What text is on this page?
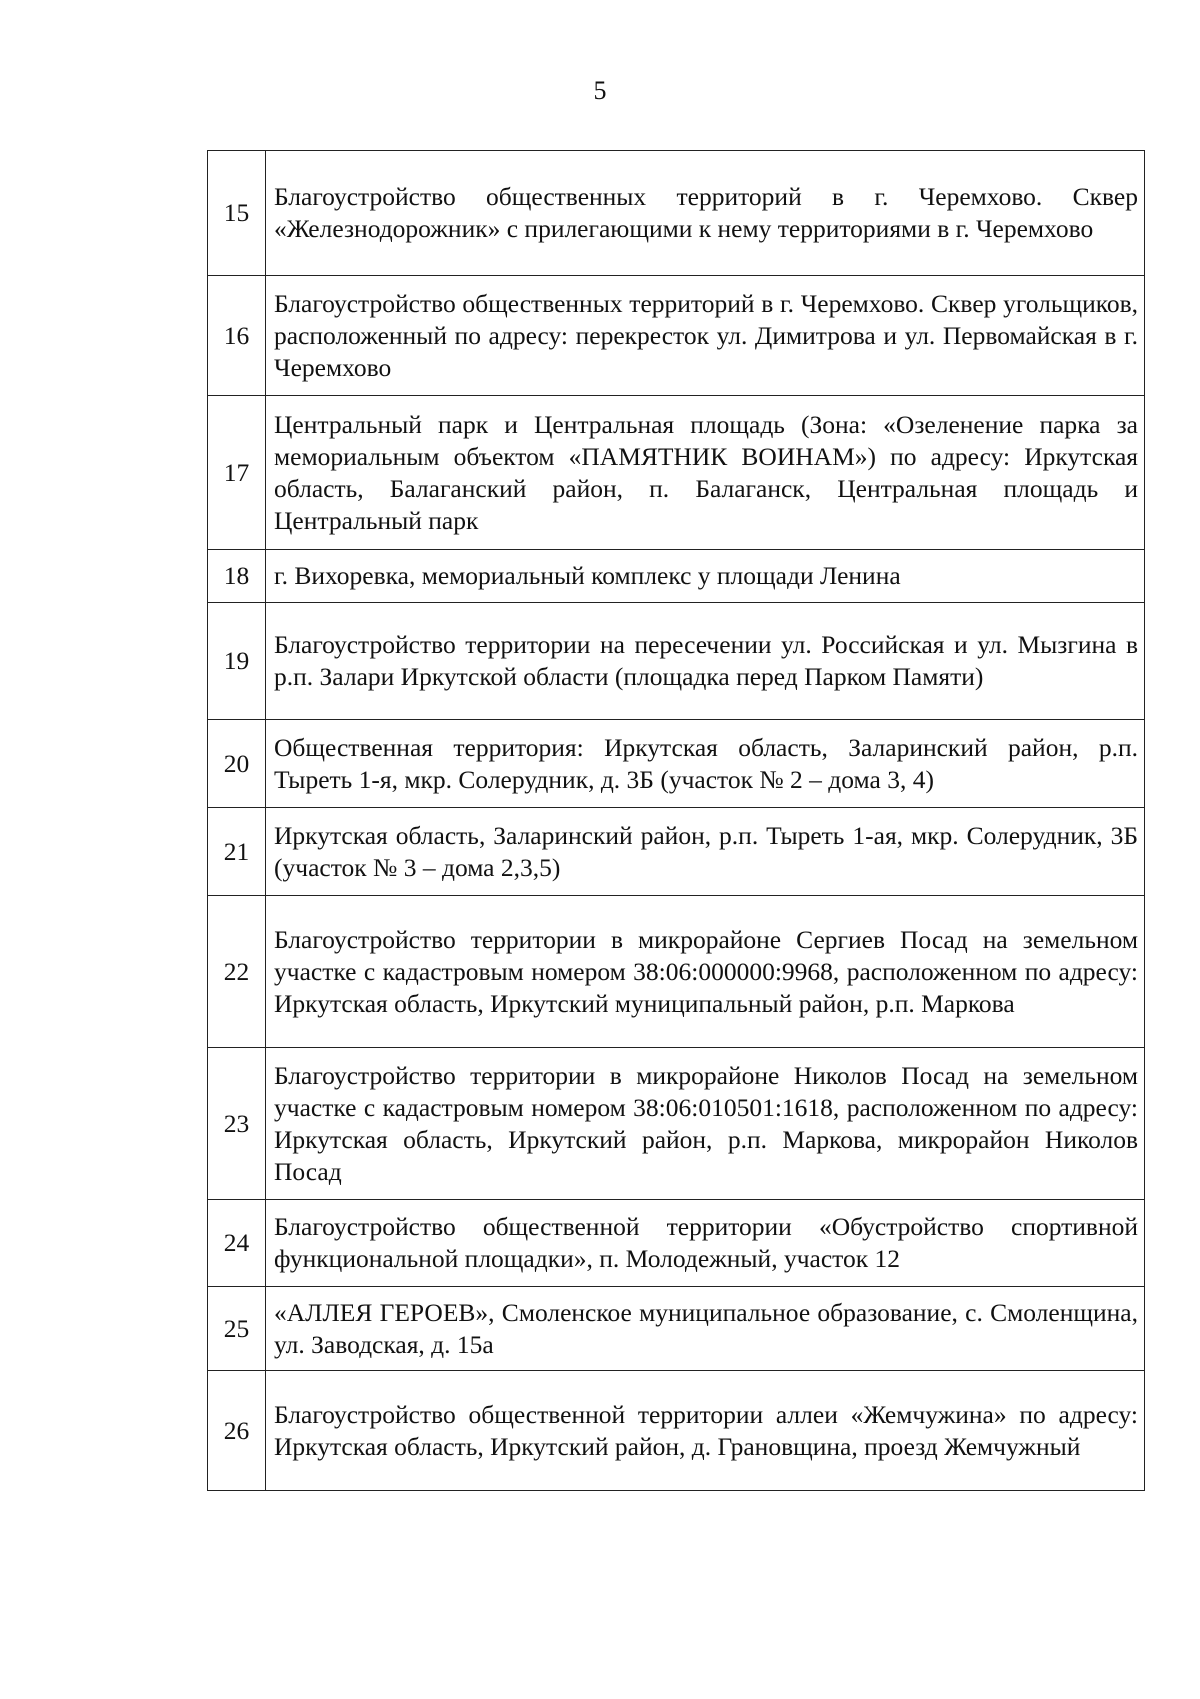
5
15	Благоустройство общественных территорий в г. Черемхово. Сквер «Железнодорожник» с прилегающими к нему территориями в г. Черемхово
16	Благоустройство общественных территорий в г. Черемхово. Сквер угольщиков, расположенный по адресу: перекресток ул. Димитрова и ул. Первомайская в г. Черемхово
17	Центральный парк и Центральная площадь (Зона: «Озеленение парка за мемориальным объектом «ПАМЯТНИК ВОИНАМ») по адресу: Иркутская область, Балаганский район, п. Балаганск, Центральная площадь и Центральный парк
18	г. Вихоревка, мемориальный комплекс у площади Ленина
19	Благоустройство территории на пересечении ул. Российская и ул. Мызгина в р.п. Залари Иркутской области (площадка перед Парком Памяти)
20	Общественная территория: Иркутская область, Заларинский район, р.п. Тыреть 1-я, мкр. Солерудник, д. 3Б (участок № 2 – дома 3, 4)
21	Иркутская область, Заларинский район, р.п. Тыреть 1-ая, мкр. Солерудник, 3Б (участок № 3 – дома 2,3,5)
22	Благоустройство территории в микрорайоне Сергиев Посад на земельном участке с кадастровым номером 38:06:000000:9968, расположенном по адресу: Иркутская область, Иркутский муниципальный район, р.п. Маркова
23	Благоустройство территории в микрорайоне Николов Посад на земельном участке с кадастровым номером 38:06:010501:1618, расположенном по адресу: Иркутская область, Иркутский район, р.п. Маркова, микрорайон Николов Посад
24	Благоустройство общественной территории «Обустройство спортивной функциональной площадки», п. Молодежный, участок 12
25	«АЛЛЕЯ ГЕРОЕВ», Смоленское муниципальное образование, с. Смоленщина, ул. Заводская, д. 15а
26	Благоустройство общественной территории аллеи «Жемчужина» по адресу: Иркутская область, Иркутский район, д. Грановщина, проезд Жемчужный
